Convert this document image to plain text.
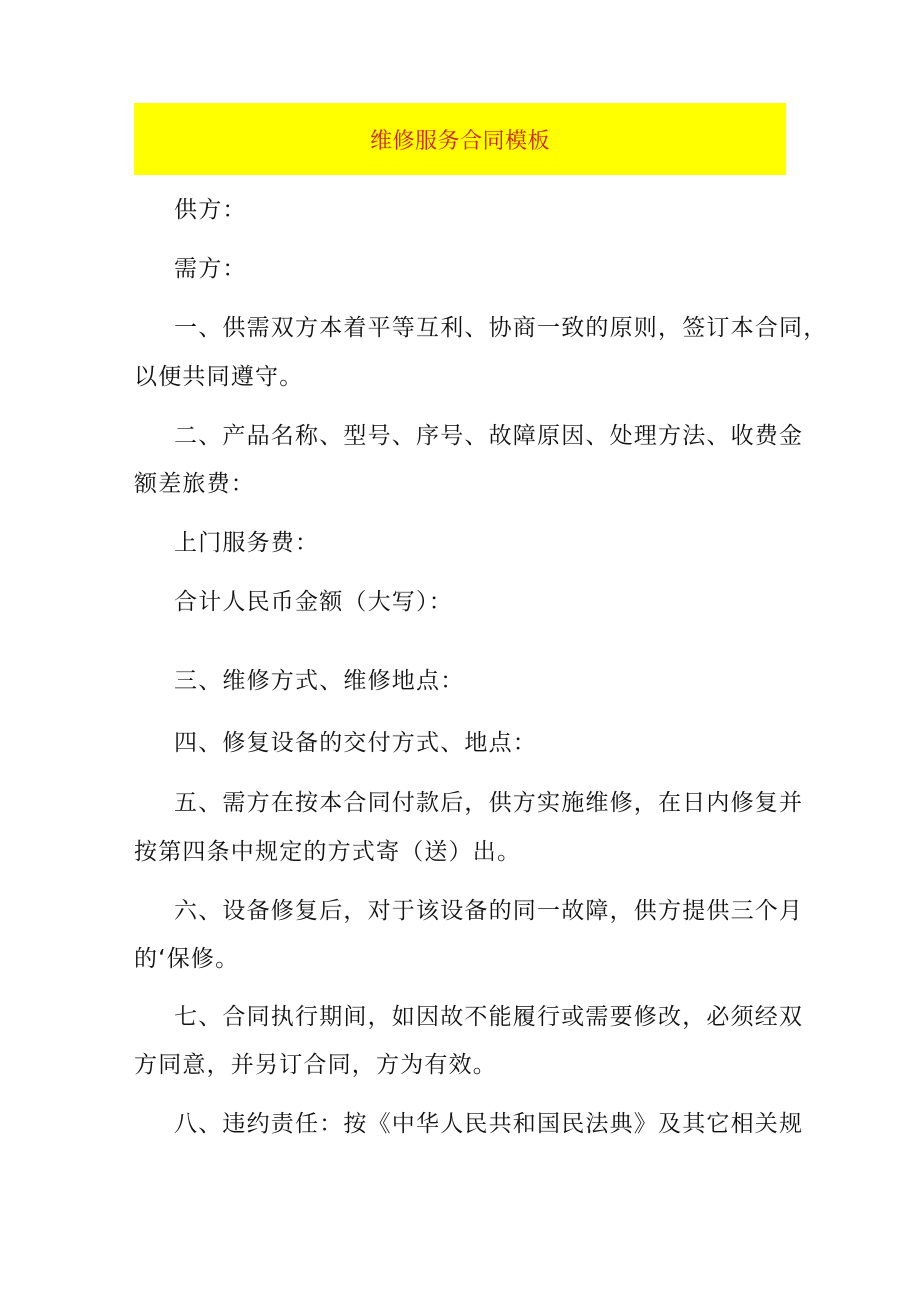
维修服务合同模板
供方：
需方：
一、供需双方本着平等互利、协商一致的原则，签订本合同，
以便共同遵守。
二、产品名称、型号、序号、故障原因、处理方法、收费金
额差旅费：
上门服务费：
合计人民币金额（大写）：
三、维修方式、维修地点：
四、修复设备的交付方式、地点：
五、需方在按本合同付款后，供方实施维修，在日内修复并
按第四条中规定的方式寄（送）出。
六、设备修复后，对于该设备的同一故障，供方提供三个月
的‘保修。
七、合同执行期间，如因故不能履行或需要修改，必须经双
方同意，并另订合同，方为有效。
八、违约责任：按《中华人民共和国民法典》及其它相关规
